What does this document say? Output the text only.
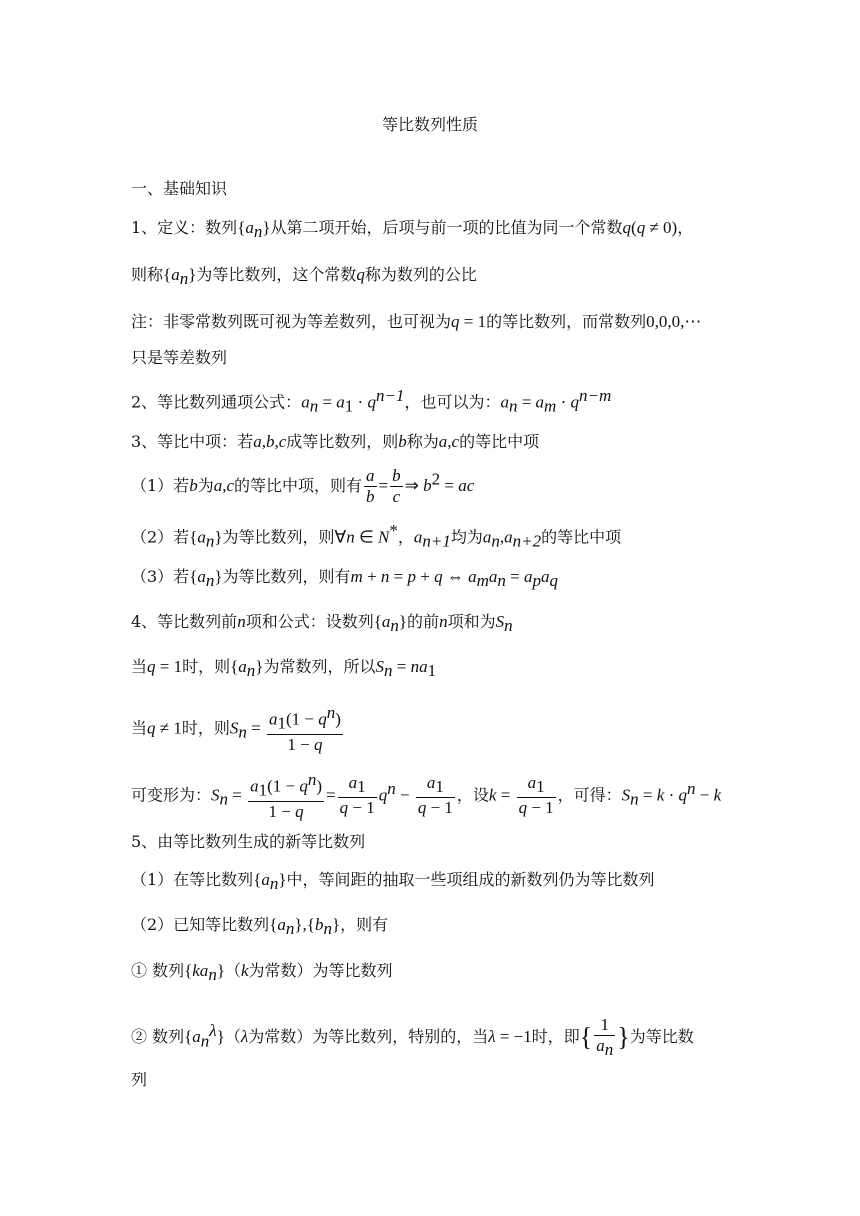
等比数列性质
一、基础知识
1、定义：数列$\{a_n\}$从第二项开始，后项与前一项的比值为同一个常数q(q ≠ 0)，
则称$\{a_n\}$为等比数列，这个常数q称为数列的公比
注：非零常数列既可视为等差数列，也可视为q = 1的等比数列，而常数列0,0,0,⋯
只是等差数列
2、等比数列通项公式：$a_n = a_1 \cdot q^{n-1}$，也可以为：$a_n = a_m \cdot q^{n-m}$
3、等比中项：若a,b,c成等比数列，则b称为a,c的等比中项
（1）若b为a,c的等比中项，则有 $\frac{a}{b} = \frac{b}{c}$ ⇒ $b^2$ = ac
（2）若$\{a_n\}$为等比数列，则∀n ∈ N*，$a_{n+1}$均为$a_n,a_{n+2}$的等比中项
（3）若$\{a_n\}$为等比数列，则有m + n = p + q ⇔ $a_ma_n = a_pa_q$
4、等比数列前n项和公式：设数列$\{a_n\}$的前n项和为$S_n$
当q = 1时，则$\{a_n\}$为常数列，所以$S_n = na_1$
当q ≠ 1时，则$S_n = \frac{a_1(1 - q^n)}{1 - q}$
可变形为：$S_n = \frac{a_1(1 - q^n)}{1 - q} = \frac{a_1}{q - 1} q^n - \frac{a_1}{q - 1}$ ，设$k = \frac{a_1}{q - 1}$ ，可得：$S_n = k \cdot q^n - k$
5、由等比数列生成的新等比数列
（1）在等比数列$\{a_n\}$中，等间距的抽取一些项组成的新数列仍为等比数列
（2）已知等比数列$\{a_n\},\{b_n\}$，则有
① 数列$\{ka_n\}(k$为常数）为等比数列
② 数列$\{a_n^\lambda\}(\lambda$为常数）为等比数列，特别的，当λ = −1时，即{ $\frac{1}{a_n}$ }为等比数
列
